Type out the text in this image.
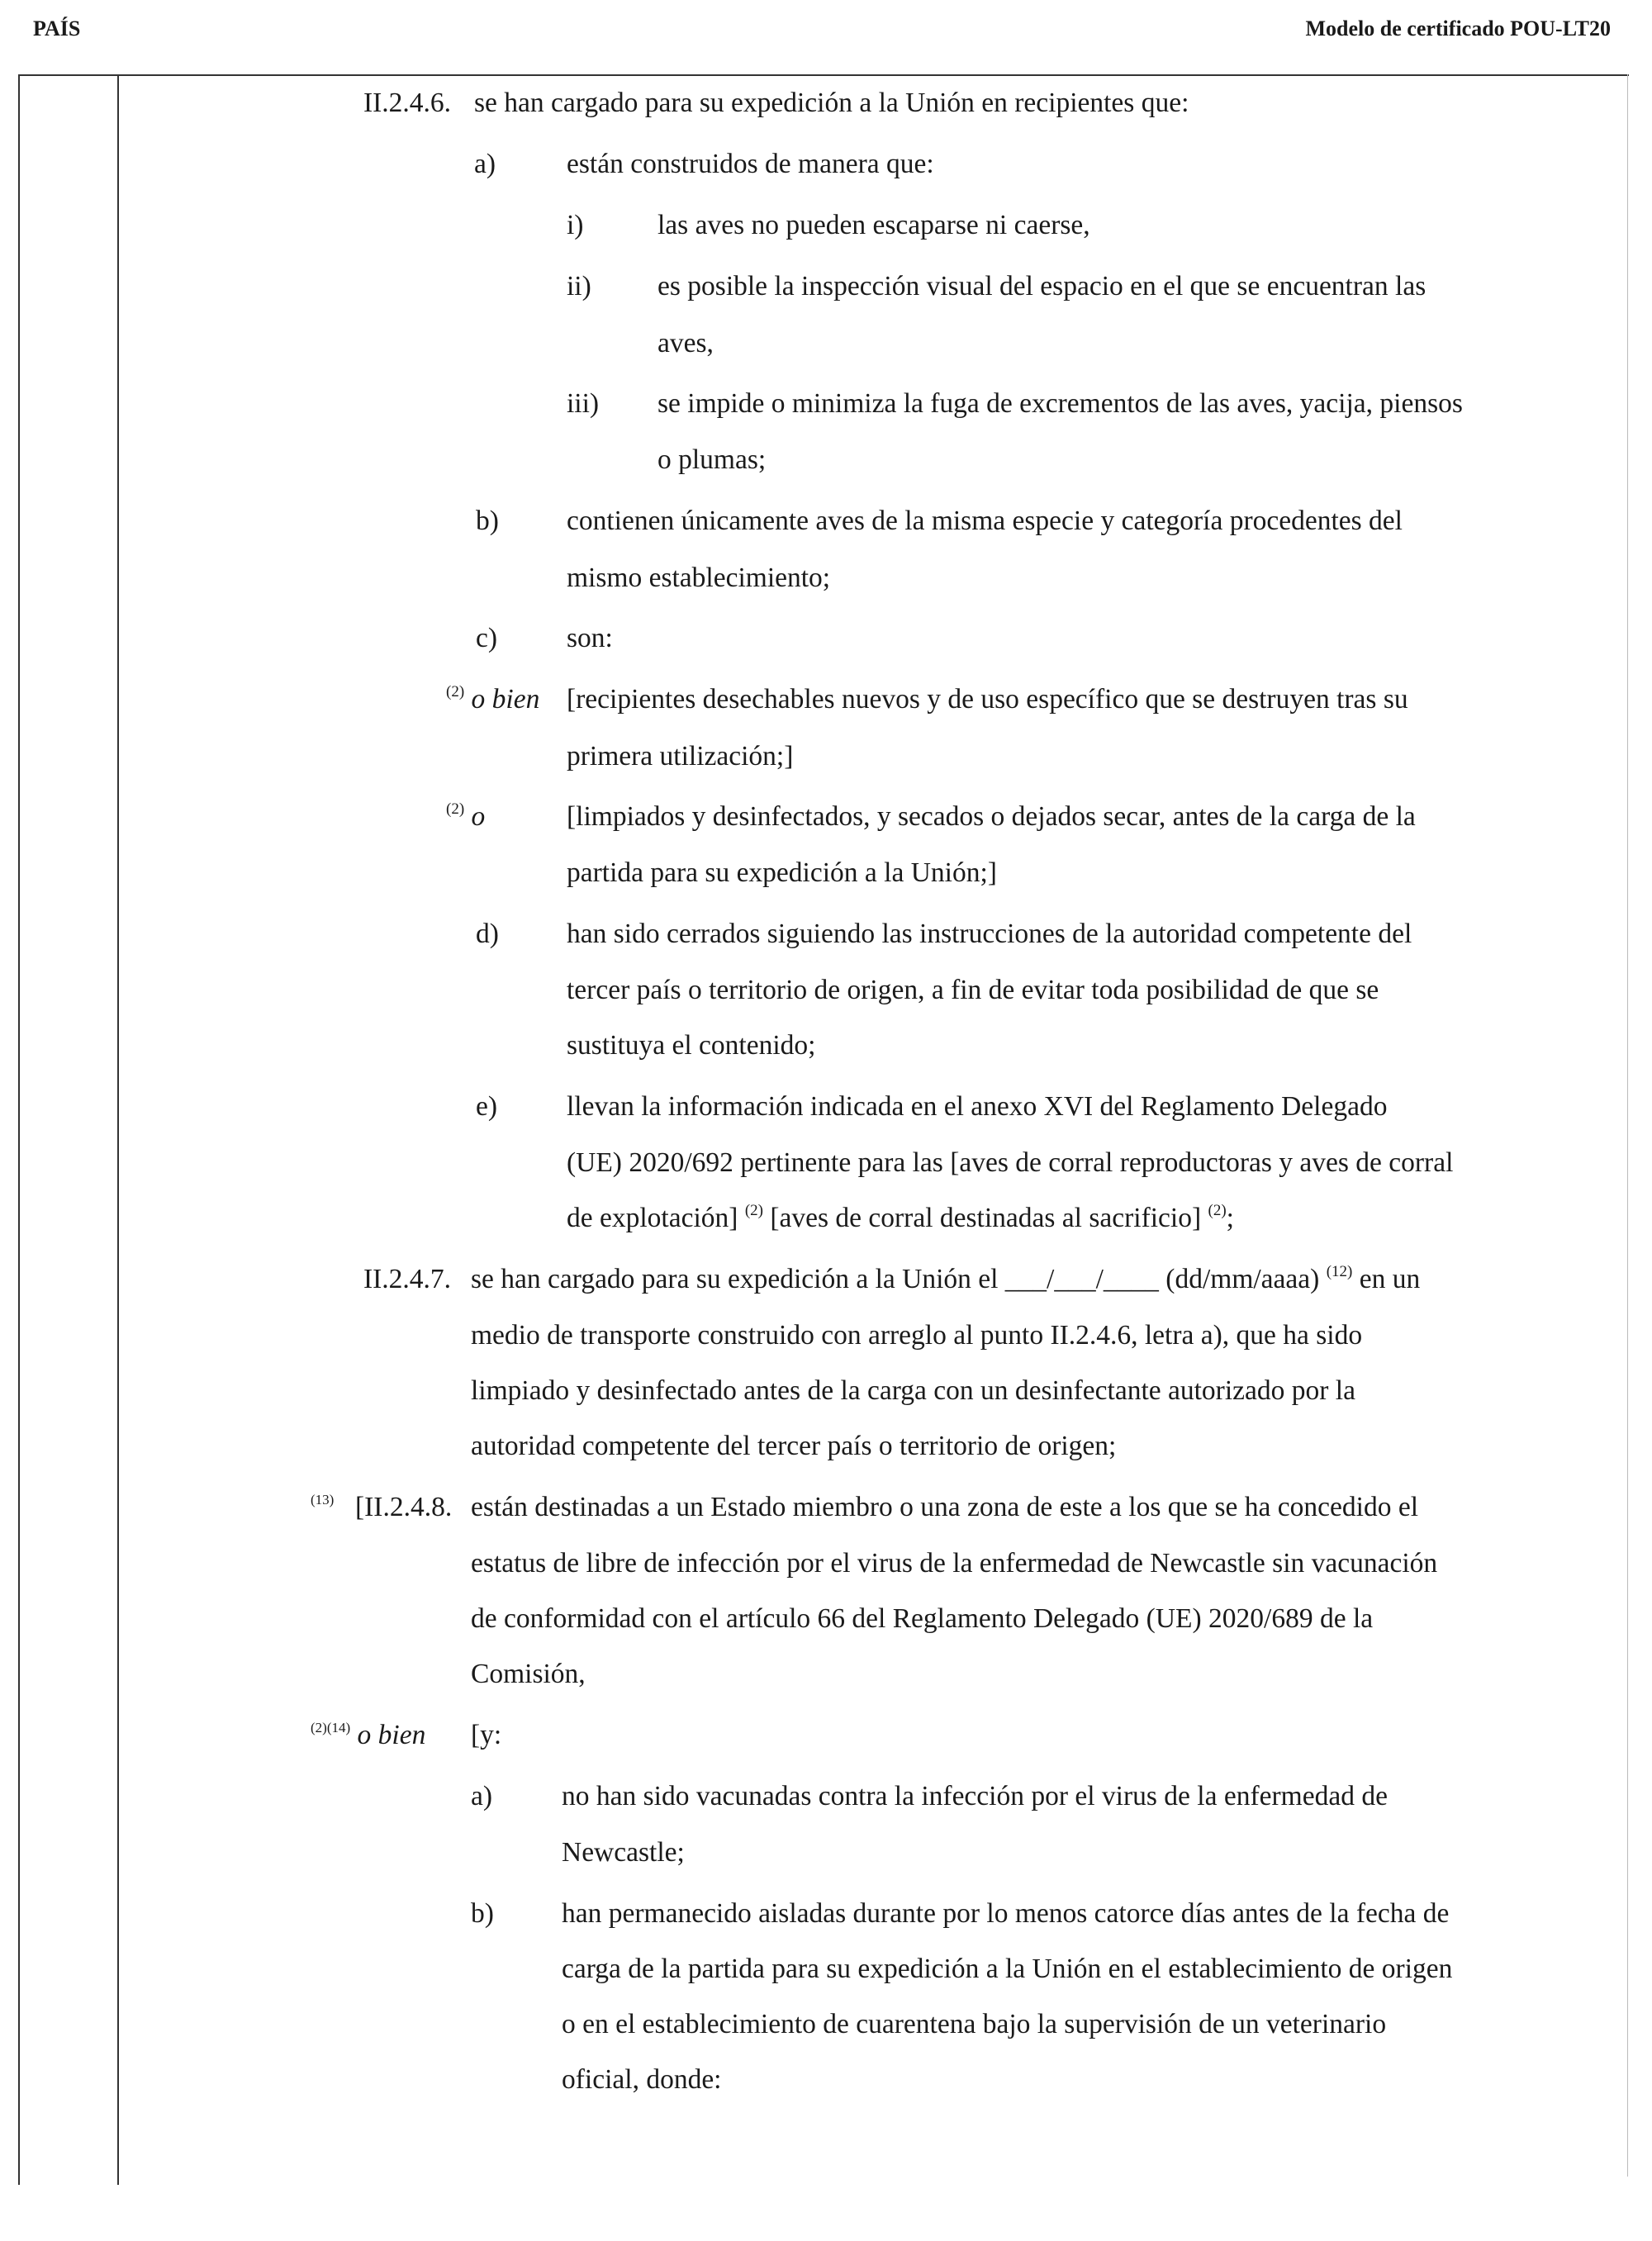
PAÍS	Modelo de certificado POU-LT20
II.2.4.6. se han cargado para su expedición a la Unión en recipientes que:
a)	están construidos de manera que:
i)	las aves no pueden escaparse ni caerse,
ii) es posible la inspección visual del espacio en el que se encuentran las
aves,
iii) se impide o minimiza la fuga de excrementos de las aves, yacija, piensos
o plumas;
b) contienen únicamente aves de la misma especie y categoría procedentes del
mismo establecimiento;
c)	son:
$^{(2)}$ o bien [recipientes desechables nuevos y de uso específico que se destruyen tras su
primera utilización;]
$^{(2)}$ o	[limpiados y desinfectados, y secados o dejados secar, antes de la carga de la
partida para su expedición a la Unión;]
d) han sido cerrados siguiendo las instrucciones de la autoridad competente del
tercer país o territorio de origen, a fin de evitar toda posibilidad de que se
sustituya el contenido;
e)	llevan la información indicada en el anexo XVI del Reglamento Delegado
(UE) 2020/692 pertinente para las [aves de corral reproductoras y aves de corral
de explotación] $^{(2)}$ [aves de corral destinadas al sacrificio] $^{(2)}$;
II.2.4.7. se han cargado para su expedición a la Unión el ___/___/____ (dd/mm/aaaa) $^{(12)}$ en un
medio de transporte construido con arreglo al punto II.2.4.6, letra a), que ha sido
limpiado y desinfectado antes de la carga con un desinfectante autorizado por la
autoridad competente del tercer país o territorio de origen;
$^{(13)}$ [II.2.4.8. están destinadas a un Estado miembro o una zona de este a los que se ha concedido el
estatus de libre de infección por el virus de la enfermedad de Newcastle sin vacunación
de conformidad con el artículo 66 del Reglamento Delegado (UE) 2020/689 de la
Comisión,
$^{(2)(14)}$ o bien [y:
a)	no han sido vacunadas contra la infección por el virus de la enfermedad de
Newcastle;
b) han permanecido aisladas durante por lo menos catorce días antes de la fecha de
carga de la partida para su expedición a la Unión en el establecimiento de origen
o en el establecimiento de cuarentena bajo la supervisión de un veterinario
oficial, donde:
